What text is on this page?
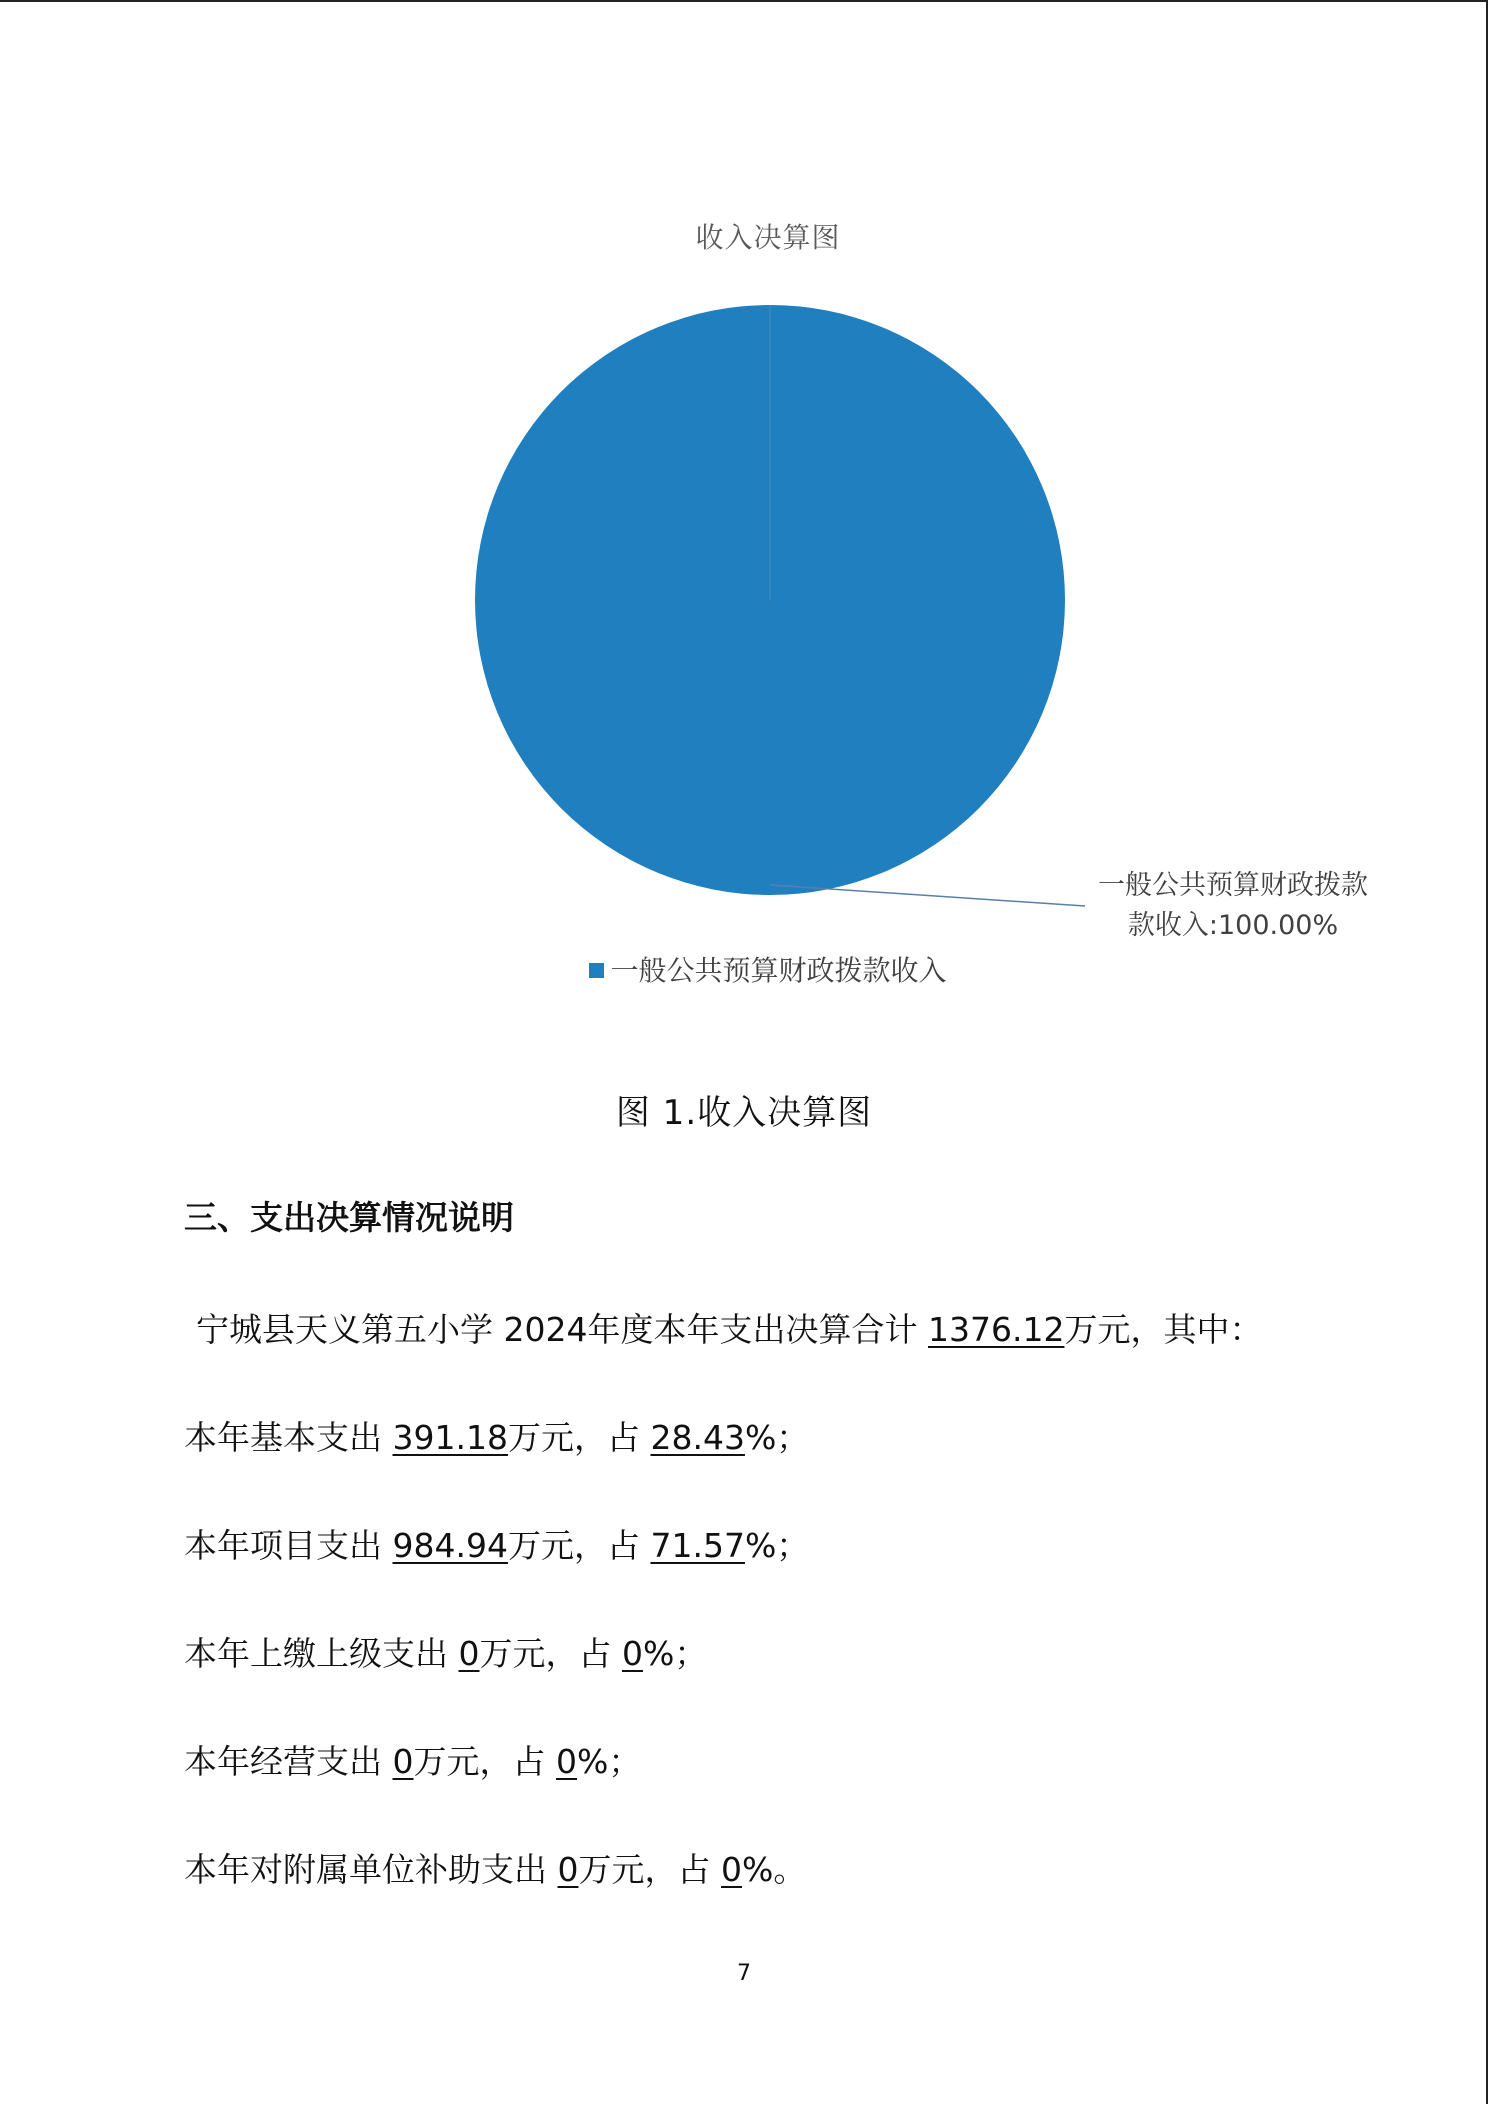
收入决算图
一般公共预算财政拨款
款收入:100.00%
一般公共预算财政拨款收入
图 1.收入决算图
三、支出决算情况说明
宁城县天义第五小学 2024年度本年支出决算合计 1376.12万元，其中：
本年基本支出 391.18万元，占 28.43%；
本年项目支出 984.94万元，占 71.57%；
本年上缴上级支出 0万元，占 0%；
本年经营支出 0万元，占 0%；
本年对附属单位补助支出 0万元，占 0%。
7
